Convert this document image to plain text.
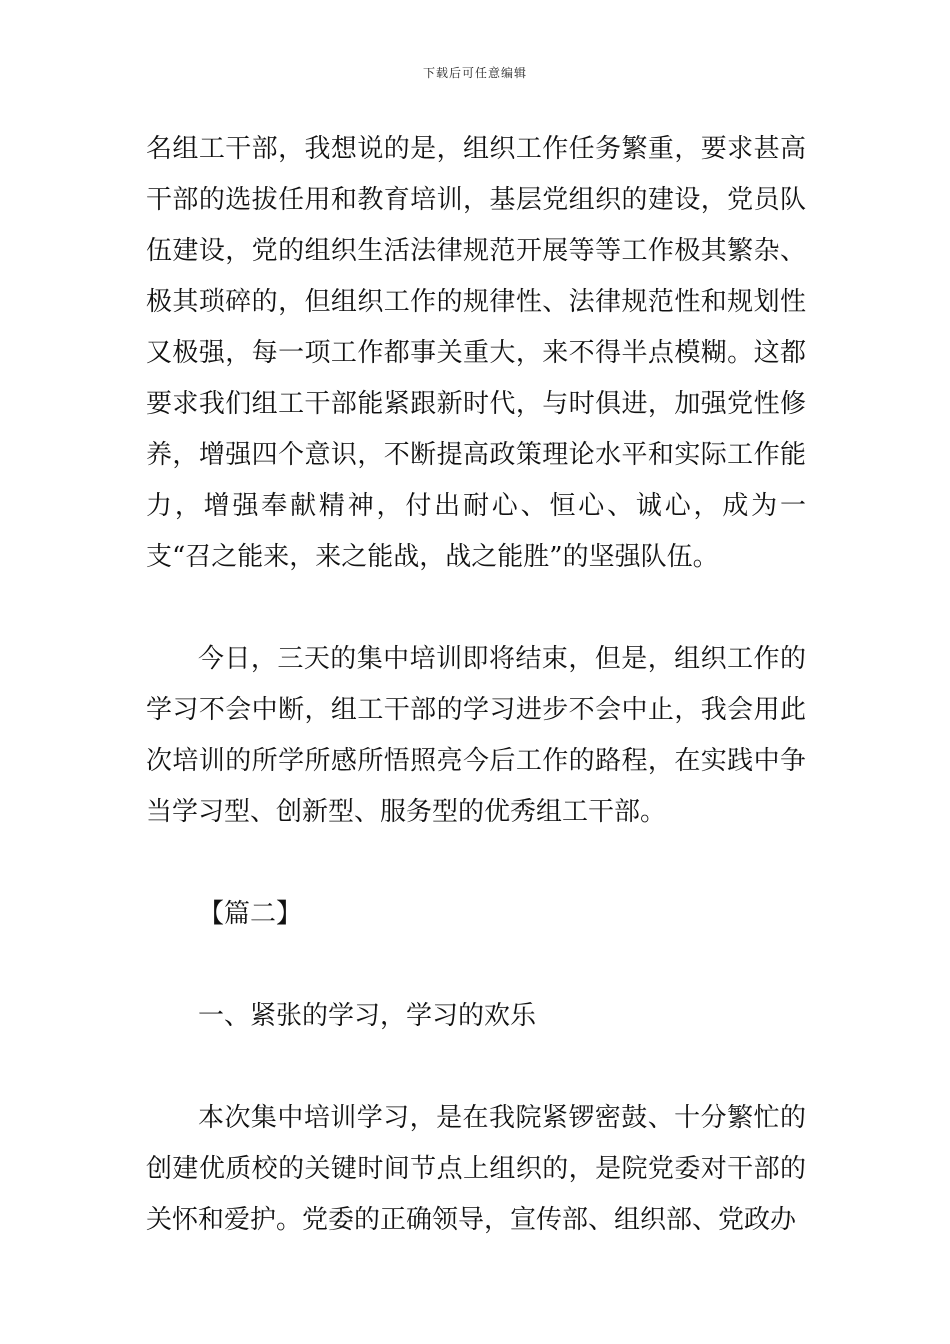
下载后可任意编辑

名组工干部，我想说的是，组织工作任务繁重，要求甚高干部的选拔任用和教育培训，基层党组织的建设，党员队伍建设，党的组织生活法律规范开展等等工作极其繁杂、极其琐碎的，但组织工作的规律性、法律规范性和规划性又极强，每一项工作都事关重大，来不得半点模糊。这都要求我们组工干部能紧跟新时代，与时俱进，加强党性修养，增强四个意识，不断提高政策理论水平和实际工作能力，增强奉献精神，付出耐心、恒心、诚心，成为一支“召之能来，来之能战，战之能胜”的坚强队伍。

今日，三天的集中培训即将结束，但是，组织工作的学习不会中断，组工干部的学习进步不会中止，我会用此次培训的所学所感所悟照亮今后工作的路程，在实践中争当学习型、创新型、服务型的优秀组工干部。

【篇二】

一、紧张的学习，学习的欢乐

本次集中培训学习，是在我院紧锣密鼓、十分繁忙的创建优质校的关键时间节点上组织的，是院党委对干部的关怀和爱护。党委的正确领导，宣传部、组织部、党政办
